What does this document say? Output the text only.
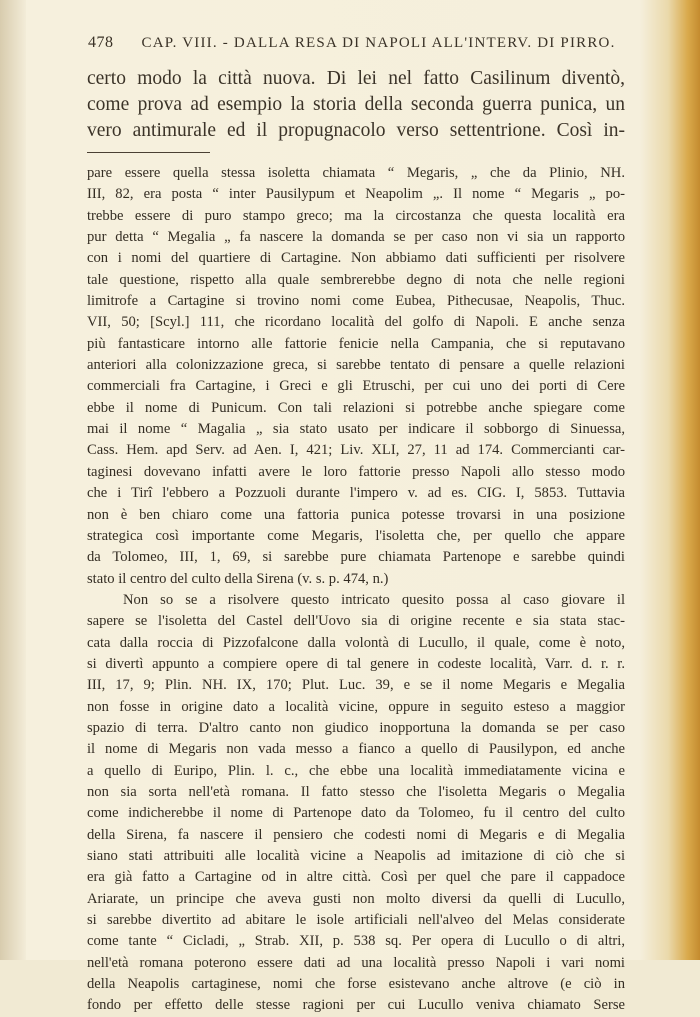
478 CAP. VIII. - DALLA RESA DI NAPOLI ALL'INTERV. DI PIRRO.
certo modo la città nuova. Di lei nel fatto Casilinum diventò,
come prova ad esempio la storia della seconda guerra punica, un
vero antimurale ed il propugnacolo verso settentrione. Così in-
pare essere quella stessa isoletta chiamata “ Megaris, „ che da Plinio, NH.
III, 82, era posta “ inter Pausilypum et Neapolim „. Il nome “ Megaris „ po-
trebbe essere di puro stampo greco; ma la circostanza che questa località era
pur detta “ Megalia „ fa nascere la domanda se per caso non vi sia un rapporto
con i nomi del quartiere di Cartagine. Non abbiamo dati sufficienti per risolvere
tale questione, rispetto alla quale sembrerebbe degno di nota che nelle regioni
limitrofe a Cartagine si trovino nomi come Eubea, Pithecusae, Neapolis, Thuc.
VII, 50; [Scyl.] 111, che ricordano località del golfo di Napoli. E anche senza
più fantasticare intorno alle fattorie fenicie nella Campania, che si reputavano
anteriori alla colonizzazione greca, si sarebbe tentato di pensare a quelle relazioni
commerciali fra Cartagine, i Greci e gli Etruschi, per cui uno dei porti di Cere
ebbe il nome di Punicum. Con tali relazioni si potrebbe anche spiegare come
mai il nome “ Magalia „ sia stato usato per indicare il sobborgo di Sinuessa,
Cass. Hem. apd Serv. ad Aen. I, 421; Liv. XLI, 27, 11 ad 174. Commercianti car-
taginesi dovevano infatti avere le loro fattorie presso Napoli allo stesso modo
che i Tirî l'ebbero a Pozzuoli durante l'impero v. ad es. CIG. I, 5853. Tuttavia
non è ben chiaro come una fattoria punica potesse trovarsi in una posizione
strategica così importante come Megaris, l'isoletta che, per quello che appare
da Tolomeo, III, 1, 69, si sarebbe pure chiamata Partenope e sarebbe quindi
stato il centro del culto della Sirena (v. s. p. 474, n.)
Non so se a risolvere questo intricato quesito possa al caso giovare il
sapere se l'isoletta del Castel dell'Uovo sia di origine recente e sia stata stac-
cata dalla roccia di Pizzofalcone dalla volontà di Lucullo, il quale, come è noto,
si divertì appunto a compiere opere di tal genere in codeste località, Varr. d. r. r.
III, 17, 9; Plin. NH. IX, 170; Plut. Luc. 39, e se il nome Megaris e Megalia
non fosse in origine dato a località vicine, oppure in seguito esteso a maggior
spazio di terra. D'altro canto non giudico inopportuna la domanda se per caso
il nome di Megaris non vada messo a fianco a quello di Pausilypon, ed anche
a quello di Euripo, Plin. l. c., che ebbe una località immediatamente vicina e
non sia sorta nell'età romana. Il fatto stesso che l'isoletta Megaris o Megalia
come indicherebbe il nome di Partenope dato da Tolomeo, fu il centro del culto
della Sirena, fa nascere il pensiero che codesti nomi di Megaris e di Megalia
siano stati attribuiti alle località vicine a Neapolis ad imitazione di ciò che si
era già fatto a Cartagine od in altre città. Così per quel che pare il cappadoce
Ariarate, un principe che aveva gusti non molto diversi da quelli di Lucullo,
si sarebbe divertito ad abitare le isole artificiali nell'alveo del Melas considerate
come tante “ Cicladi, „ Strab. XII, p. 538 sq. Per opera di Lucullo o di altri,
nell'età romana poterono essere dati ad una località presso Napoli i vari nomi
della Neapolis cartaginese, nomi che forse esistevano anche altrove (e ciò in
fondo per effetto delle stesse ragioni per cui Lucullo veniva chiamato Serse
